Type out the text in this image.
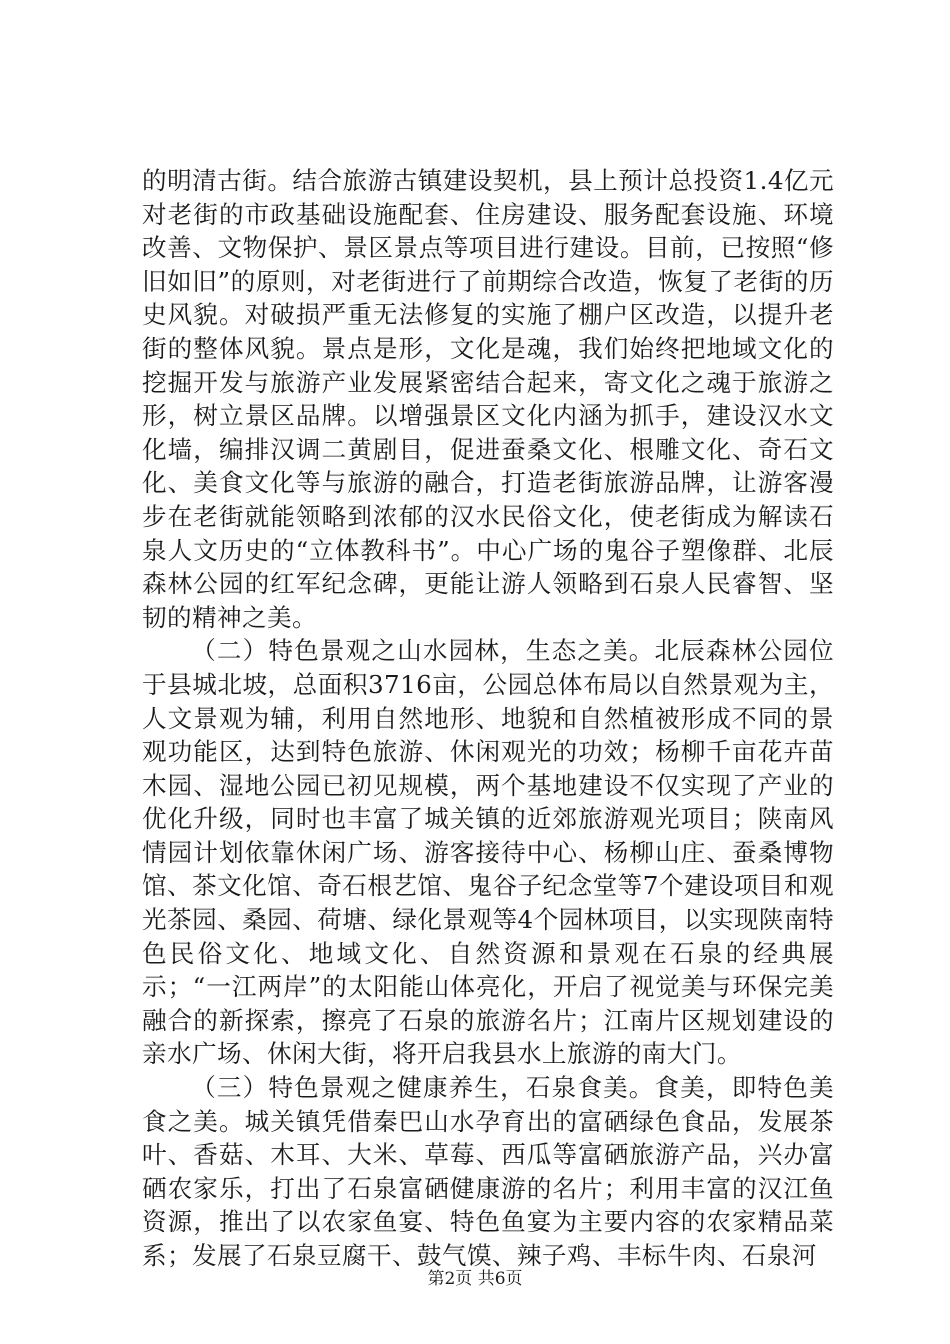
的明清古街。结合旅游古镇建设契机，县上预计总投资1.4亿元对老街的市政基础设施配套、住房建设、服务配套设施、环境改善、文物保护、景区景点等项目进行建设。目前，已按照“修旧如旧”的原则，对老街进行了前期综合改造，恢复了老街的历史风貌。对破损严重无法修复的实施了棚户区改造，以提升老街的整体风貌。景点是形，文化是魂，我们始终把地域文化的挖掘开发与旅游产业发展紧密结合起来，寄文化之魂于旅游之形，树立景区品牌。以增强景区文化内涵为抓手，建设汉水文化墙，编排汉调二黄剧目，促进蚕桑文化、根雕文化、奇石文化、美食文化等与旅游的融合，打造老街旅游品牌，让游客漫步在老街就能领略到浓郁的汉水民俗文化，使老街成为解读石泉人文历史的“立体教科书”。中心广场的鬼谷子塑像群、北辰森林公园的红军纪念碑，更能让游人领略到石泉人民睿智、坚韧的精神之美。

（二）特色景观之山水园林，生态之美。北辰森林公园位于县城北坡，总面积3716亩，公园总体布局以自然景观为主，人文景观为辅，利用自然地形、地貌和自然植被形成不同的景观功能区，达到特色旅游、休闲观光的功效；杨柳千亩花卉苗木园、湿地公园已初见规模，两个基地建设不仅实现了产业的优化升级，同时也丰富了城关镇的近郊旅游观光项目；陕南风情园计划依靠休闲广场、游客接待中心、杨柳山庄、蚕桑博物馆、茶文化馆、奇石根艺馆、鬼谷子纪念堂等7个建设项目和观光茶园、桑园、荷塘、绿化景观等4个园林项目，以实现陕南特色民俗文化、地域文化、自然资源和景观在石泉的经典展示；“一江两岸”的太阳能山体亮化，开启了视觉美与环保完美融合的新探索，擦亮了石泉的旅游名片；江南片区规划建设的亲水广场、休闲大街，将开启我县水上旅游的南大门。

（三）特色景观之健康养生，石泉食美。食美，即特色美食之美。城关镇凭借秦巴山水孕育出的富硒绿色食品，发展茶叶、香菇、木耳、大米、草莓、西瓜等富硒旅游产品，兴办富硒农家乐，打出了石泉富硒健康游的名片；利用丰富的汉江鱼资源，推出了以农家鱼宴、特色鱼宴为主要内容的农家精品菜系；发展了石泉豆腐干、鼓气馍、辣子鸡、丰标牛肉、石泉河

第2页 共6页
